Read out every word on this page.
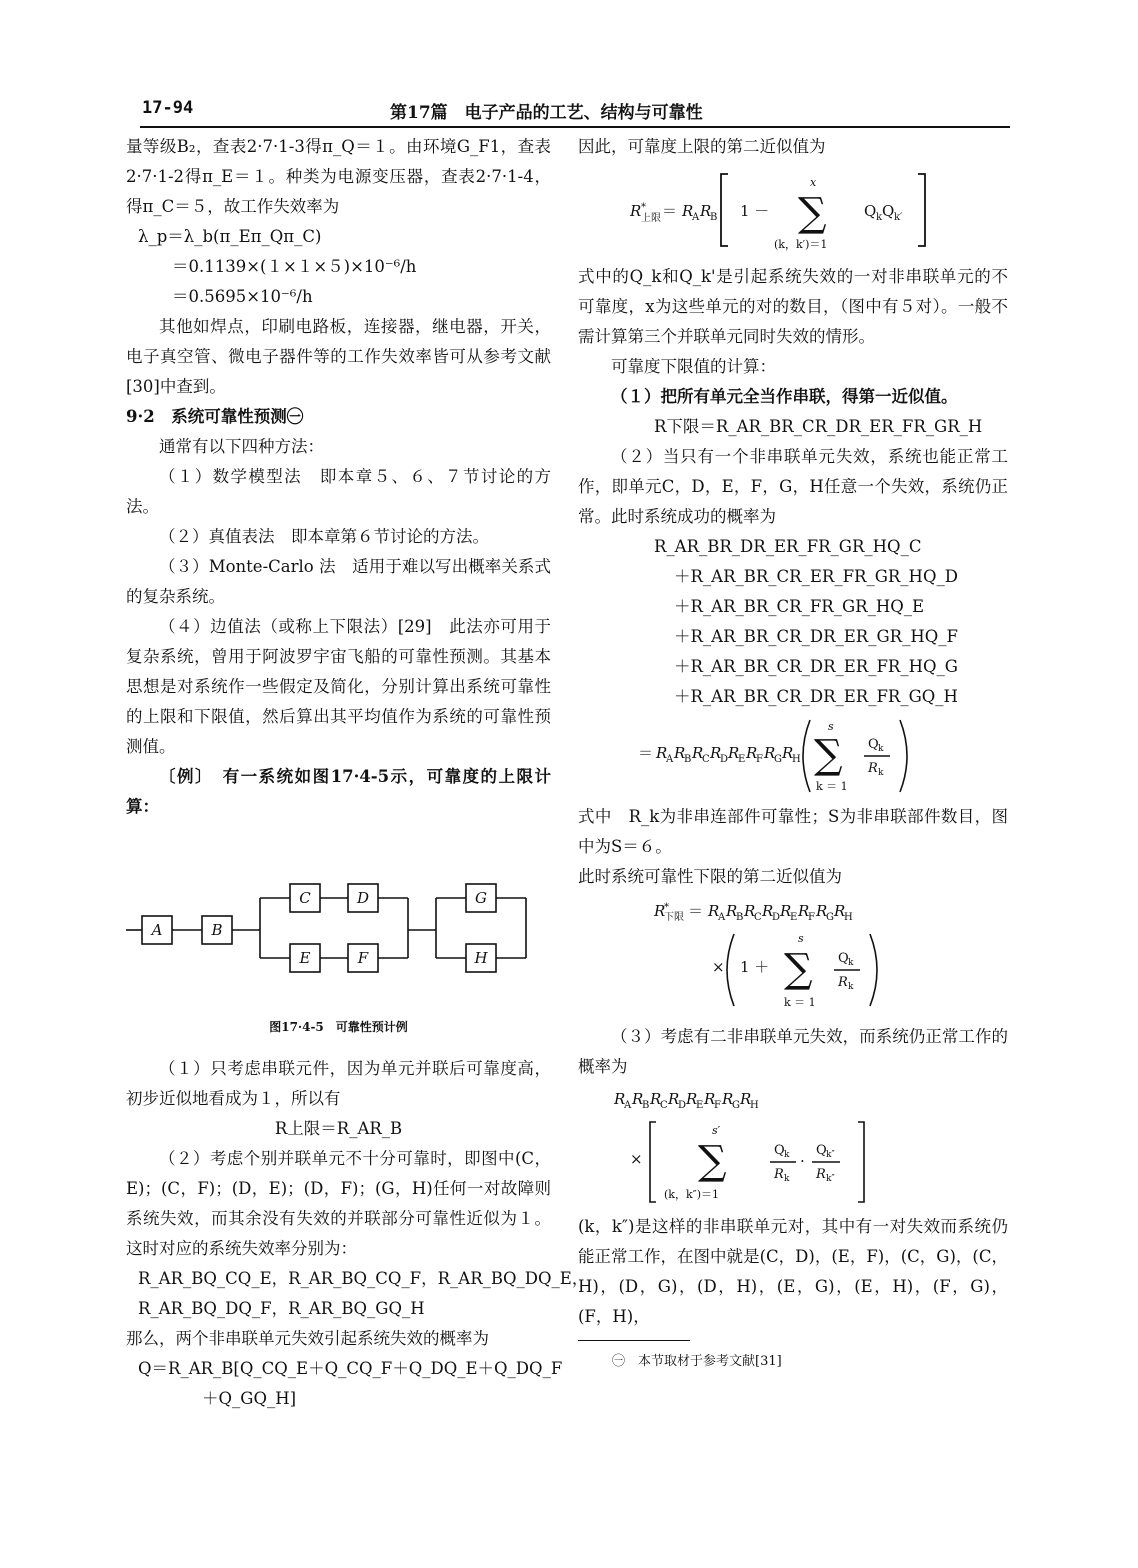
17-94	第17篇　电子产品的工艺、结构与可靠性

量等级B₂，查表2·7·1-3得π_Q＝１。由环境G_F1，查表2·7·1-2得π_E＝１。种类为电源变压器，查表2·7·1-4，得π_C＝５，故工作失效率为

λ_p＝λ_b(π_Eπ_Qπ_C)

＝0.1139×(１×１×５)×10⁻⁶/h

＝0.5695×10⁻⁶/h

其他如焊点，印刷电路板，连接器，继电器，开关，电子真空管、微电子器件等的工作失效率皆可从参考文献[30]中查到。

9·2　系统可靠性预测㊀

通常有以下四种方法：

（１）数学模型法　即本章５、６、７节讨论的方法。

（２）真值表法　即本章第６节讨论的方法。

（３）Monte-Carlo 法　适用于难以写出概率关系式的复杂系统。

（４）边值法（或称上下限法）[29]　此法亦可用于复杂系统，曾用于阿波罗宇宙飞船的可靠性预测。其基本思想是对系统作一些假定及简化，分别计算出系统可靠性的上限和下限值，然后算出其平均值作为系统的可靠性预测值。

〔例〕　有一系统如图17·4-5示，可靠度的上限计算：

A	B
C	D
E	F
G
H

图17·4-5　可靠性预计例

（１）只考虑串联元件，因为单元并联后可靠度高，初步近似地看成为１，所以有

R上限＝R_AR_B

（２）考虑个别并联单元不十分可靠时，即图中(C，E)；(C，F)；(D，E)；(D，F)；(G，H)任何一对故障则系统失效，而其余没有失效的并联部分可靠性近似为１。这时对应的系统失效率分别为：

R_AR_BQ_CQ_E，R_AR_BQ_CQ_F，R_AR_BQ_DQ_E，

R_AR_BQ_DQ_F，R_AR_BQ_GQ_H

那么，两个非串联单元失效引起系统失效的概率为

Q＝R_AR_B[Q_CQ_E＋Q_CQ_F＋Q_DQ_E＋Q_DQ_F

＋Q_GQ_H]

因此，可靠度上限的第二近似值为

R *
上限 ＝ R
A R
B 1 － ∑
x
(k，k′)＝1
Q k Q k′

式中的Q_k和Q_k'是引起系统失效的一对非串联单元的不可靠度，x为这些单元的对的数目，（图中有５对）。一般不需计算第三个并联单元同时失效的情形。

可靠度下限值的计算：

（１）把所有单元全当作串联，得第一近似值。

R下限＝R_AR_BR_CR_DR_ER_FR_GR_H

（２）当只有一个非串联单元失效，系统也能正常工作，即单元C，D，E，F，G，H任意一个失效，系统仍正常。此时系统成功的概率为

R_AR_BR_DR_ER_FR_GR_HQ_C

＋R_AR_BR_CR_ER_FR_GR_HQ_D

＋R_AR_BR_CR_FR_GR_HQ_E

＋R_AR_BR_CR_DR_ER_GR_HQ_F

＋R_AR_BR_CR_DR_ER_FR_HQ_G

＋R_AR_BR_CR_DR_ER_FR_GQ_H

＝ R
A R
B R
C R
D R
E R
F R
G R
H ∑
s
k ＝ 1
Q k
R k

式中　R_k为非串连部件可靠性；S为非串联部件数目，图中为S＝６。

此时系统可靠性下限的第二近似值为

R
*
下限 ＝ R
A R
B R
C R
D R
E R
F R
G R
H
× 1 ＋ ∑
s
k ＝ 1
Q k
R k

（３）考虑有二非串联单元失效，而系统仍正常工作的概率为

R
A R
B R
C R
D R
E R
F R
G R
H
× ∑
s′
(k，k″)＝1
Q k
R k
·
Q k″
R k″

(k，k″)是这样的非串联单元对，其中有一对失效而系统仍能正常工作，在图中就是(C，D)，(E，F)，(C，G)，(C，H)，(D，G)，(D，H)，(E，G)，(E，H)，(F，G)，(F，H)，

㊀　本节取材于参考文献[31]
